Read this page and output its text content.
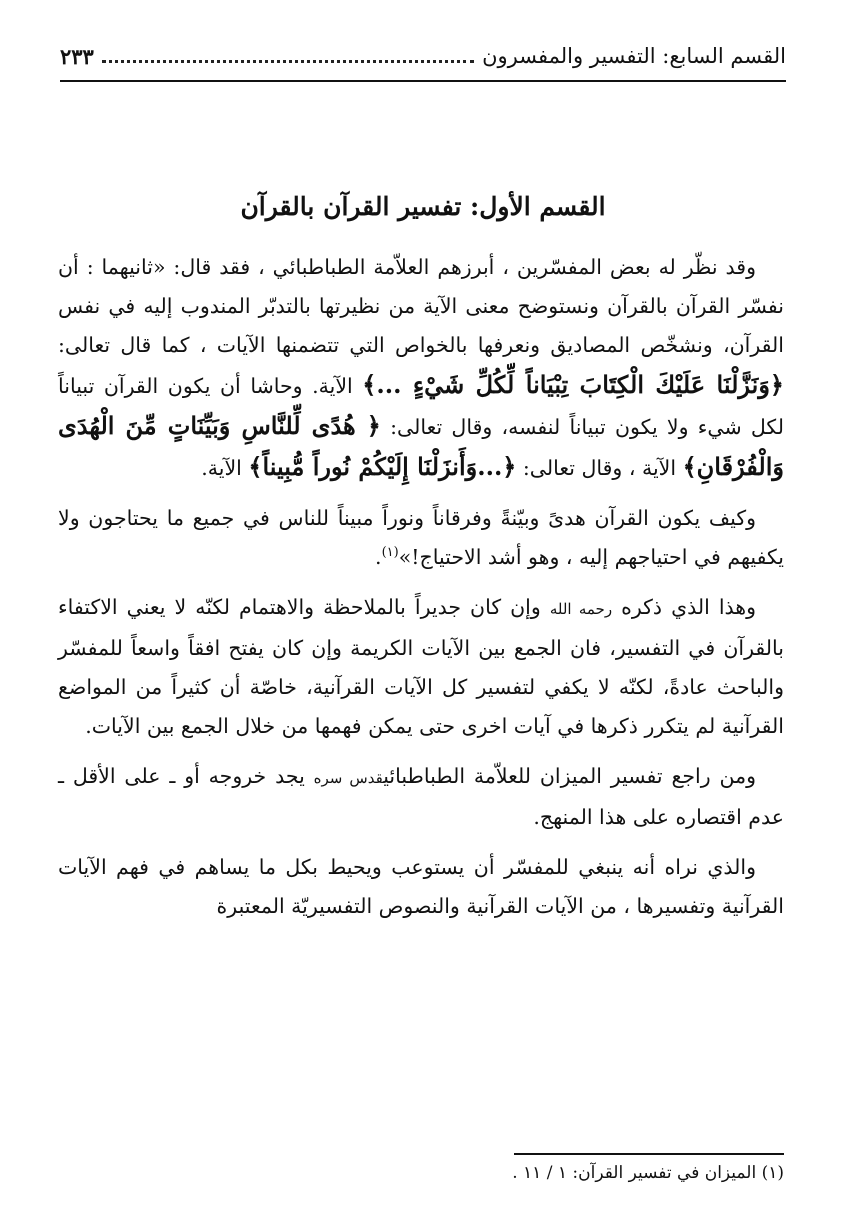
القسم السابع: التفسير والمفسرون
٢٣٣
القسم الأول: تفسير القرآن بالقرآن

وقد نظّر له بعض المفسّرين ، أبرزهم العلاّمة الطباطبائي ، فقد قال: «ثانيهما : أن نفسّر القرآن بالقرآن ونستوضح معنى الآية من نظيرتها بالتدبّر المندوب إليه في نفس القرآن، ونشخّص المصاديق ونعرفها بالخواص التي تتضمنها الآيات ، كما قال تعالى: ﴿وَنَزَّلْنَا عَلَيْكَ الْكِتَابَ تِبْيَاناً لِّكُلِّ شَيْءٍ ...﴾ الآية. وحاشا أن يكون القرآن تبياناً لكل شيء ولا يكون تبياناً لنفسه، وقال تعالى: ﴿ هُدًى لِّلنَّاسِ وَبَيِّنَاتٍ مِّنَ الْهُدَى وَالْفُرْقَانِ﴾ الآية ، وقال تعالى: ﴿...وَأَنزَلْنَا إِلَيْكُمْ نُوراً مُّبِيناً﴾ الآية.

وكيف يكون القرآن هدىً وبيّنةً وفرقاناً ونوراً مبيناً للناس في جميع ما يحتاجون ولا يكفيهم في احتياجهم إليه ، وهو أشد الاحتياج!»$^{(١)}$.

وهذا الذي ذكره رحمه الله وإن كان جديراً بالملاحظة والاهتمام لكنّه لا يعني الاكتفاء بالقرآن في التفسير، فان الجمع بين الآيات الكريمة وإن كان يفتح افقاً واسعاً للمفسّر والباحث عادةً، لكنّه لا يكفي لتفسير كل الآيات القرآنية، خاصّة أن كثيراً من المواضع القرآنية لم يتكرر ذكرها في آيات اخرى حتى يمكن فهمها من خلال الجمع بين الآيات.

ومن راجع تفسير الميزان للعلاّمة الطباطبائيقدس سره يجد خروجه أو ـ على الأقل ـ عدم اقتصاره على هذا المنهج.

والذي نراه أنه ينبغي للمفسّر أن يستوعب ويحيط بكل ما يساهم في فهم الآيات القرآنية وتفسيرها ، من الآيات القرآنية والنصوص التفسيريّة المعتبرة

(١) الميزان في تفسير القرآن: ١ / ١١ .
